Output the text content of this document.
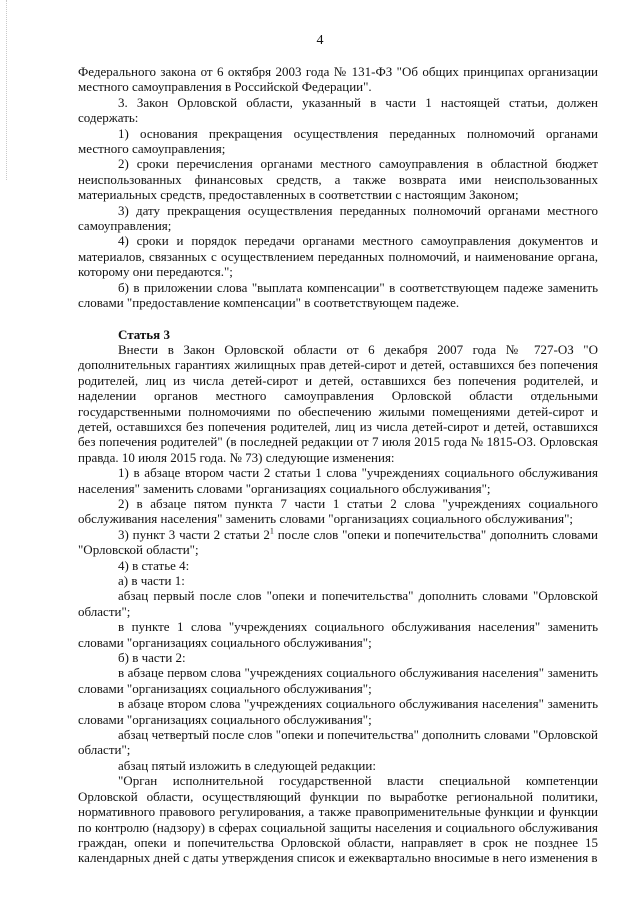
4

Федерального закона от 6 октября 2003 года № 131-ФЗ "Об общих принципах организации местного самоуправления в Российской Федерации".

3. Закон Орловской области, указанный в части 1 настоящей статьи, должен содержать:

1) основания прекращения осуществления переданных полномочий органами местного самоуправления;

2) сроки перечисления органами местного самоуправления в областной бюджет неиспользованных финансовых средств, а также возврата ими неиспользованных материальных средств, предоставленных в соответствии с настоящим Законом;

3) дату прекращения осуществления переданных полномочий органами местного самоуправления;

4) сроки и порядок передачи органами местного самоуправления документов и материалов, связанных с осуществлением переданных полномочий, и наименование органа, которому они передаются.";

б) в приложении слова "выплата компенсации" в соответствующем падеже заменить словами "предоставление компенсации" в соответствующем падеже.

Статья 3

Внести в Закон Орловской области от 6 декабря 2007 года № 727-ОЗ "О дополнительных гарантиях жилищных прав детей-сирот и детей, оставшихся без попечения родителей, лиц из числа детей-сирот и детей, оставшихся без попечения родителей, и наделении органов местного самоуправления Орловской области отдельными государственными полномочиями по обеспечению жилыми помещениями детей-сирот и детей, оставшихся без попечения родителей, лиц из числа детей-сирот и детей, оставшихся без попечения родителей" (в последней редакции от 7 июля 2015 года № 1815-ОЗ. Орловская правда. 10 июля 2015 года. № 73) следующие изменения:

1) в абзаце втором части 2 статьи 1 слова "учреждениях социального обслуживания населения" заменить словами "организациях социального обслуживания";

2) в абзаце пятом пункта 7 части 1 статьи 2 слова "учреждениях социального обслуживания населения" заменить словами "организациях социального обслуживания";

3) пункт 3 части 2 статьи $2^1$ после слов "опеки и попечительства" дополнить словами "Орловской области";

4) в статье 4:

а) в части 1:

абзац первый после слов "опеки и попечительства" дополнить словами "Орловской области";

в пункте 1 слова "учреждениях социального обслуживания населения" заменить словами "организациях социального обслуживания";

б) в части 2:

в абзаце первом слова "учреждениях социального обслуживания населения" заменить словами "организациях социального обслуживания";

в абзаце втором слова "учреждениях социального обслуживания населения" заменить словами "организациях социального обслуживания";

абзац четвертый после слов "опеки и попечительства" дополнить словами "Орловской области";

абзац пятый изложить в следующей редакции:

"Орган исполнительной государственной власти специальной компетенции Орловской области, осуществляющий функции по выработке региональной политики, нормативного правового регулирования, а также правоприменительные функции и функции по контролю (надзору) в сферах социальной защиты населения и социального обслуживания граждан, опеки и попечительства Орловской области, направляет в срок не позднее 15 календарных дней с даты утверждения список и ежеквартально вносимые в него изменения в
